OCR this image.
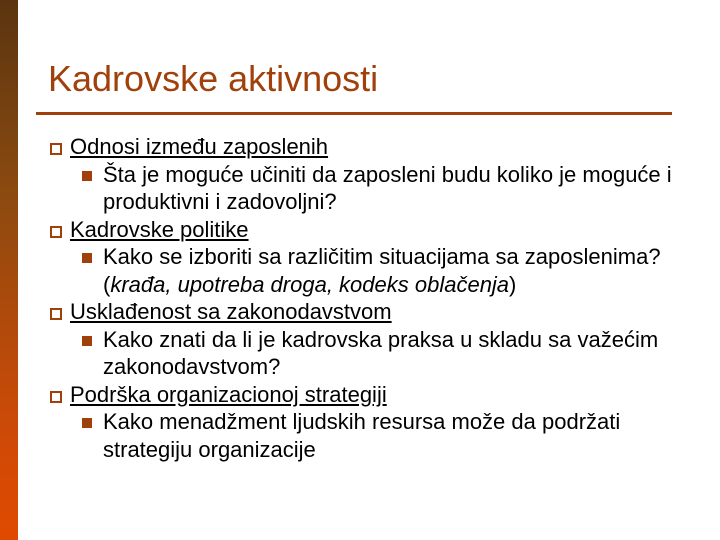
Kadrovske aktivnosti
Odnosi između zaposlenih
Šta je moguće učiniti da zaposleni budu koliko je moguće i produktivni i zadovoljni?
Kadrovske politike
Kako se izboriti sa različitim situacijama sa zaposlenima? (krađa, upotreba droga, kodeks oblačenja)
Usklađenost sa zakonodavstvom
Kako znati da li je kadrovska praksa u skladu sa važećim zakonodavstvom?
Podrška organizacionoj strategiji
Kako menadžment ljudskih resursa može da podržati strategiju organizacije
